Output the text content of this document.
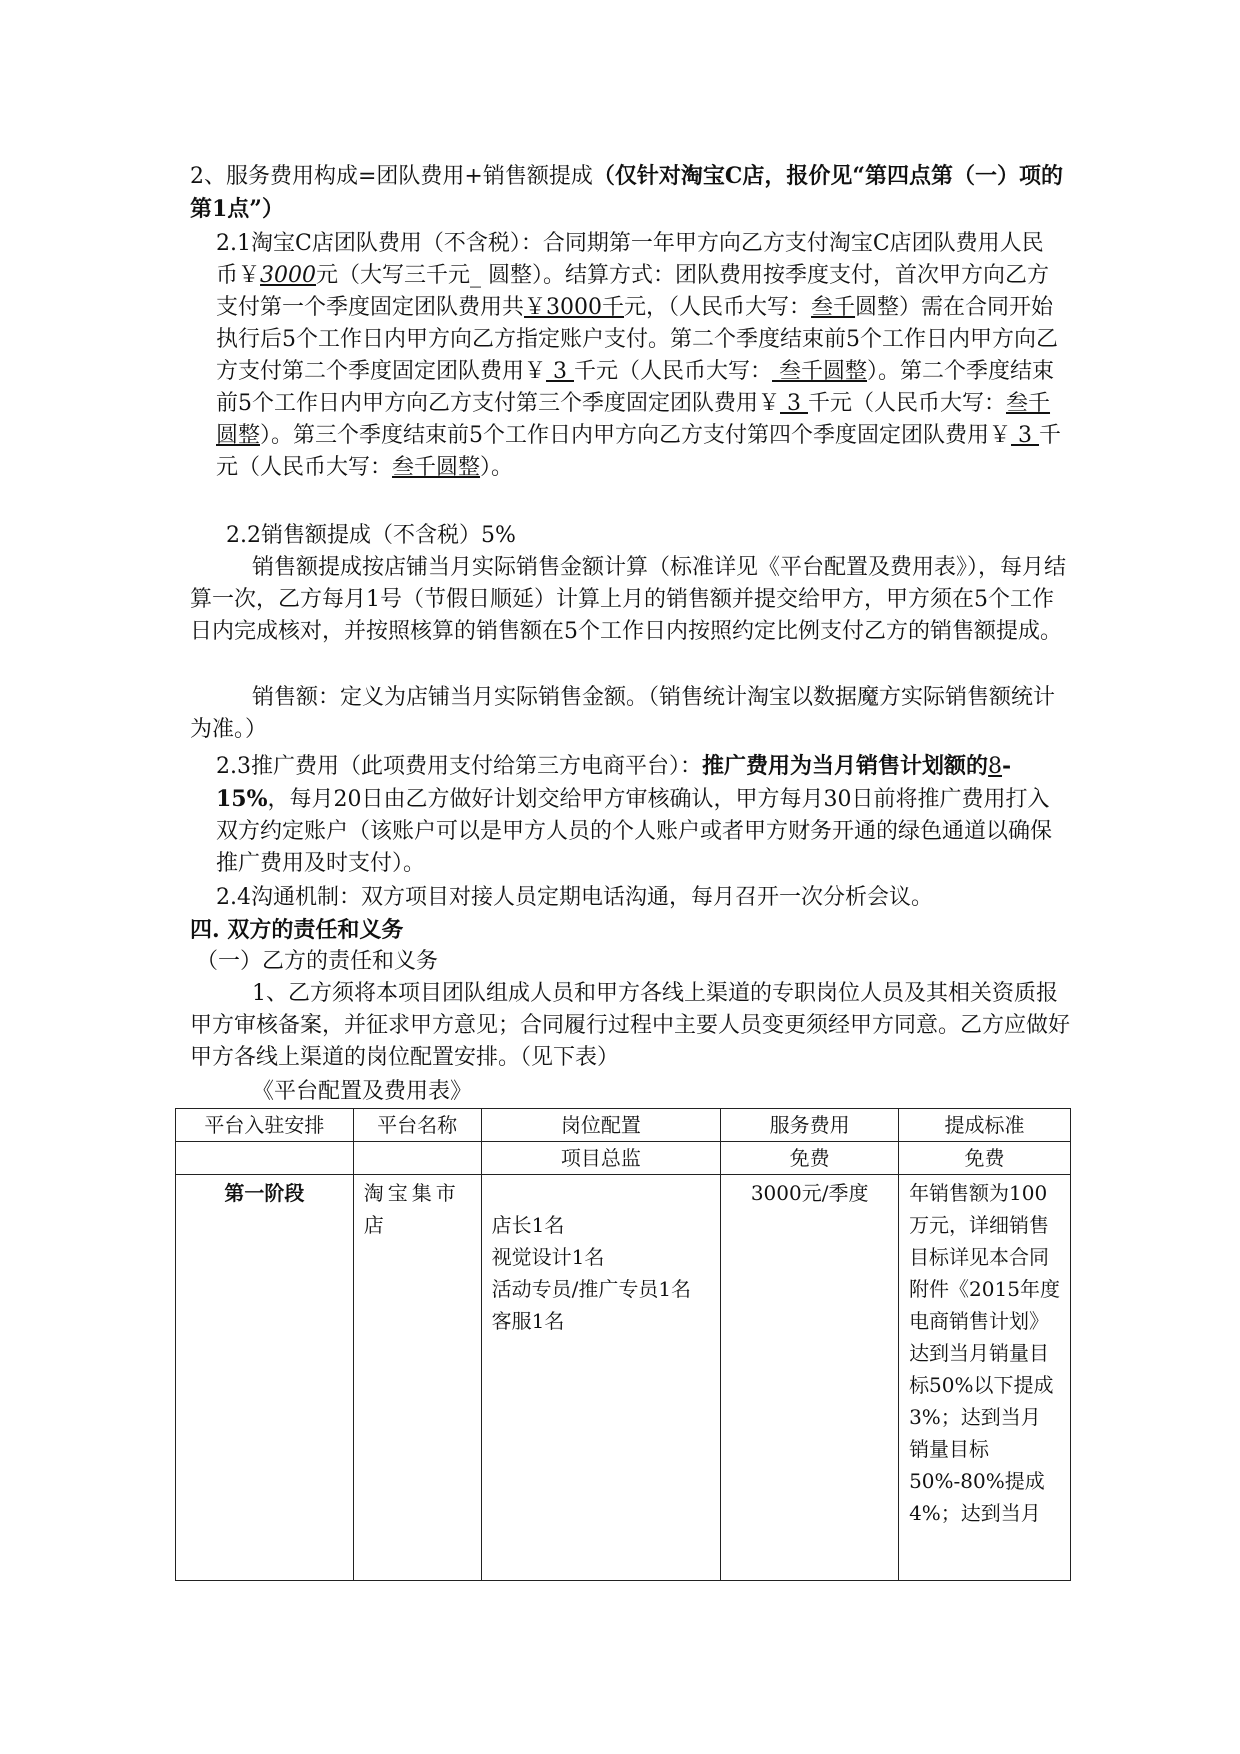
2、服务费用构成=团队费用+销售额提成（仅针对淘宝C店，报价见“第四点第（一）项的第1点”）

2.1淘宝C店团队费用（不含税）：合同期第一年甲方向乙方支付淘宝C店团队费用人民币￥3000元（大写三千元_ 圆整）。结算方式：团队费用按季度支付，首次甲方向乙方支付第一个季度固定团队费用共￥3000千元，（人民币大写：叁千圆整）需在合同开始执行后5个工作日内甲方向乙方指定账户支付。第二个季度结束前5个工作日内甲方向乙方支付第二个季度固定团队费用￥ 3 千元（人民币大写： 叁千圆整）。第二个季度结束前5个工作日内甲方向乙方支付第三个季度固定团队费用￥ 3 千元（人民币大写：叁千圆整）。第三个季度结束前5个工作日内甲方向乙方支付第四个季度固定团队费用￥ 3 千元（人民币大写：叁千圆整）。

2.2销售额提成（不含税）5%
销售额提成按店铺当月实际销售金额计算（标准详见《平台配置及费用表》），每月结算一次，乙方每月1号（节假日顺延）计算上月的销售额并提交给甲方，甲方须在5个工作日内完成核对，并按照核算的销售额在5个工作日内按照约定比例支付乙方的销售额提成。
销售额：定义为店铺当月实际销售金额。（销售统计淘宝以数据魔方实际销售额统计为准。）

2.3推广费用（此项费用支付给第三方电商平台）：推广费用为当月销售计划额的8-15%，每月20日由乙方做好计划交给甲方审核确认，甲方每月30日前将推广费用打入双方约定账户（该账户可以是甲方人员的个人账户或者甲方财务开通的绿色通道以确保推广费用及时支付）。

2.4沟通机制：双方项目对接人员定期电话沟通，每月召开一次分析会议。
四. 双方的责任和义务
（一）乙方的责任和义务
1、乙方须将本项目团队组成人员和甲方各线上渠道的专职岗位人员及其相关资质报甲方审核备案，并征求甲方意见；合同履行过程中主要人员变更须经甲方同意。乙方应做好甲方各线上渠道的岗位配置安排。（见下表）
《平台配置及费用表》
平台入驻安排	平台名称	岗位配置	服务费用	提成标准
		项目总监	免费	免费
第一阶段	淘宝集市店	店长1名
视觉设计1名
活动专员/推广专员1名
客服1名	3000元/季度	年销售额为100万元，详细销售目标详见本合同附件《2015年度电商销售计划》达到当月销量目标50%以下提成3%；达到当月销量目标50%-80%提成4%；达到当月
